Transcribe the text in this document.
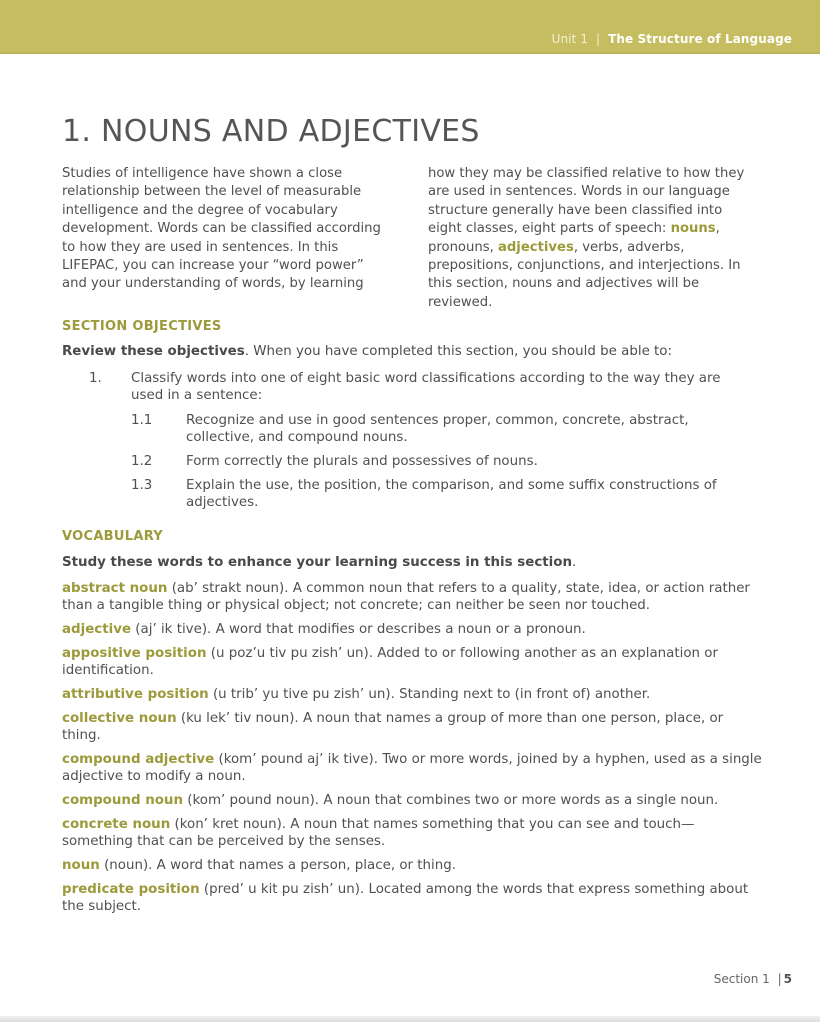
Unit 1 | The Structure of Language
1. NOUNS AND ADJECTIVES

Studies of intelligence have shown a close relationship between the level of measurable intelligence and the degree of vocabulary development. Words can be classified according to how they are used in sentences. In this LIFEPAC, you can increase your “word power” and your understanding of words, by learning

how they may be classified relative to how they are used in sentences. Words in our language structure generally have been classified into eight classes, eight parts of speech: nouns, pronouns, adjectives, verbs, adverbs, prepositions, conjunctions, and interjections. In this section, nouns and adjectives will be reviewed.

SECTION OBJECTIVES
Review these objectives. When you have completed this section, you should be able to:
1.	Classify words into one of eight basic word classifications according to the way they are used in a sentence:
1.1	Recognize and use in good sentences proper, common, concrete, abstract, collective, and compound nouns.
1.2	Form correctly the plurals and possessives of nouns.
1.3	Explain the use, the position, the comparison, and some suffix constructions of adjectives.
VOCABULARY
Study these words to enhance your learning success in this section.
abstract noun (ab’ strakt noun). A common noun that refers to a quality, state, idea, or action rather than a tangible thing or physical object; not concrete; can neither be seen nor touched.
adjective (aj’ ik tive). A word that modifies or describes a noun or a pronoun.
appositive position (u poz’u tiv pu zish’ un). Added to or following another as an explanation or identification.
attributive position (u trib’ yu tive pu zish’ un). Standing next to (in front of) another.
collective noun (ku lek’ tiv noun). A noun that names a group of more than one person, place, or thing.
compound adjective (kom’ pound aj’ ik tive). Two or more words, joined by a hyphen, used as a single adjective to modify a noun.
compound noun (kom’ pound noun). A noun that combines two or more words as a single noun.
concrete noun (kon’ kret noun). A noun that names something that you can see and touch—something that can be perceived by the senses.
noun (noun). A word that names a person, place, or thing.
predicate position (pred’ u kit pu zish’ un). Located among the words that express something about the subject.
Section 1 | 5
